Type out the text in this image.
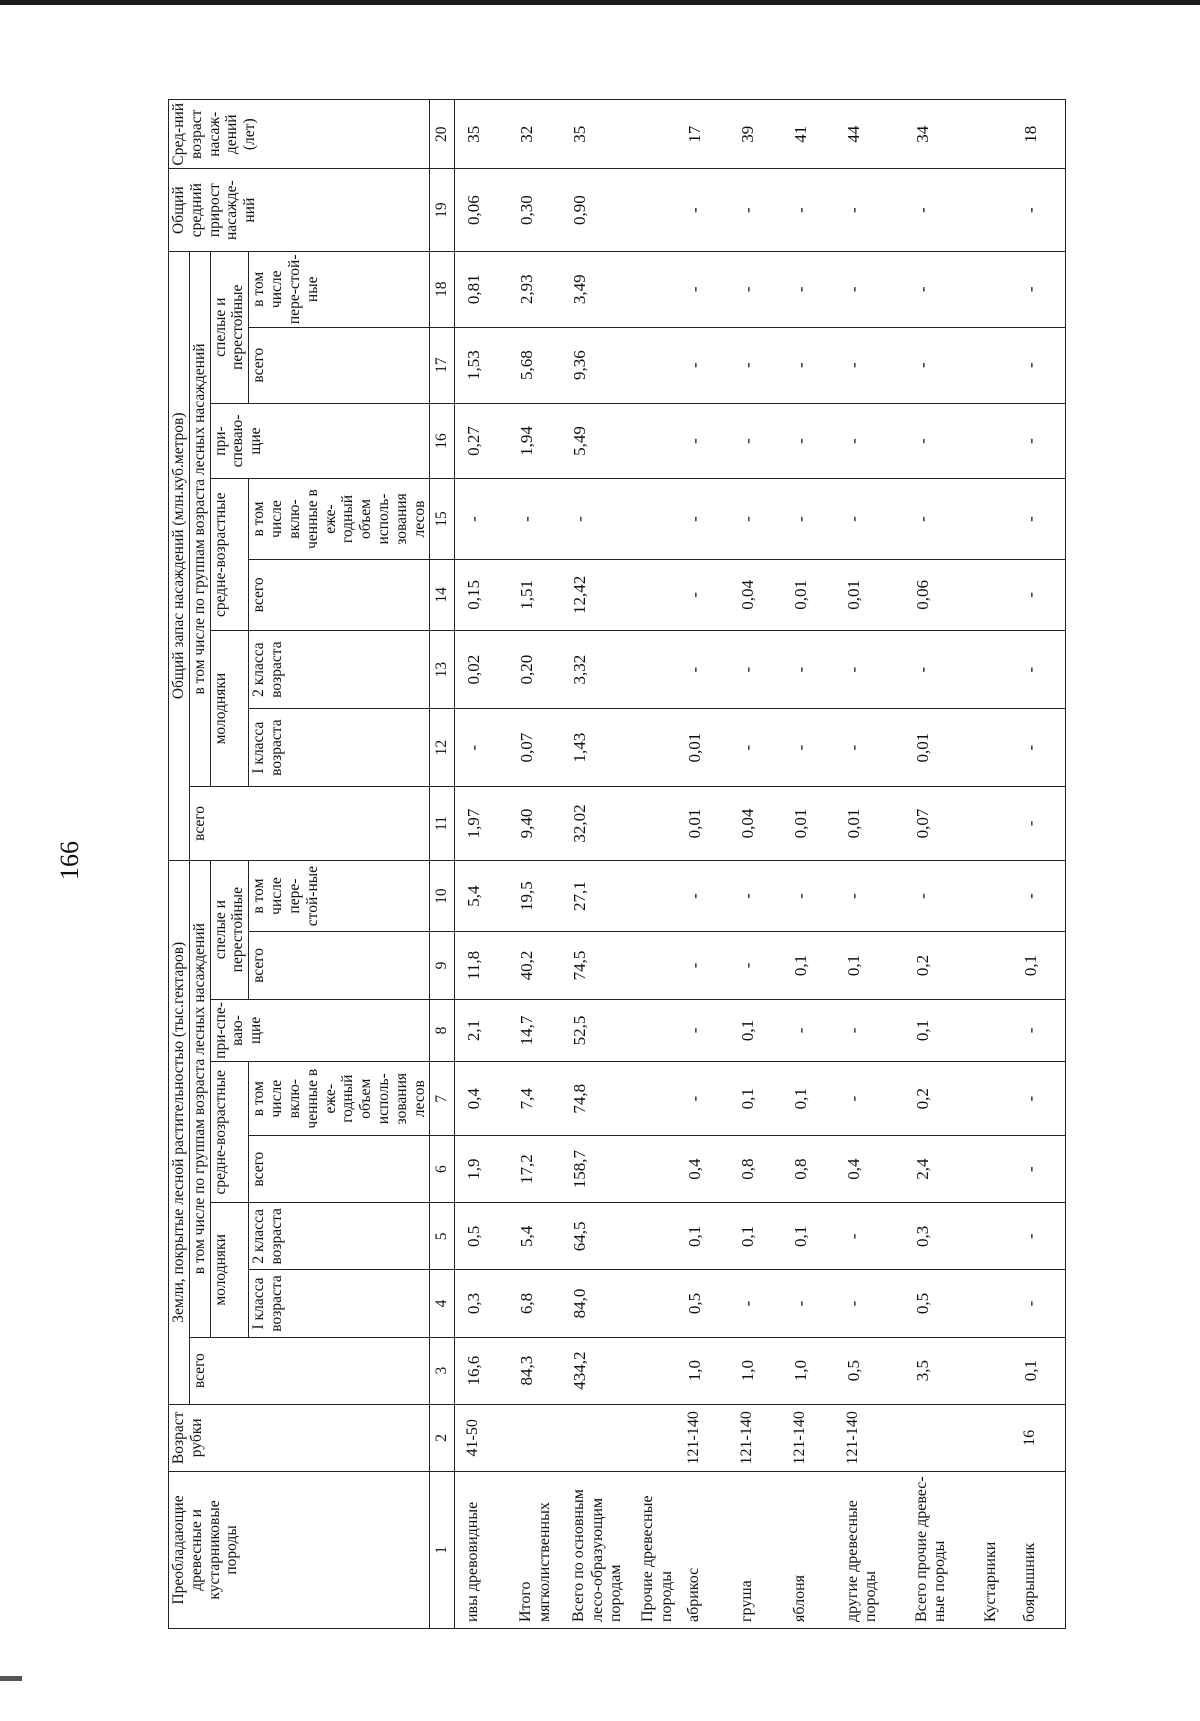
166
Преобладающие древесные и кустарниковые породы	Возраст рубки	Земли, покрытые лесной растительностью (тыс.гектаров)								Общий запас насаждений (млн.куб.метров)								Общий средний прирост насажде-ний	Сред-ний возраст насаж-дений (лет)
		всего	в том числе по группам возраста лесных насаждений							всего	в том числе по группам возраста лесных насаждений								
			молодняки		средне-возрастные		при-спе-ваю-щие	спелые и перестойные			молодняки		средне-возрастные		при-спеваю-щие	спелые и перестойные			
			I класса возраста	2 класса возраста	всего	в том числе вклю-ченные в еже-годный объем исполь-зования лесов		всего	в том числе пере-стой-ные		I класса возраста	2 класса возраста	всего	в том числе вклю-ченные в еже-годный объем исполь-зования лесов		всего	в том числе пере-стой-ные		

1	2	3	4	5	6	7	8	9	10	11	12	13	14	15	16	17	18	19	20
ивы древовидные	41-50	16,6	0,3	0,5	1,9	0,4	2,1	11,8	5,4	1,97	-	0,02	0,15	-	0,27	1,53	0,81	0,06	35
Итого мягколиственных		84,3	6,8	5,4	17,2	7,4	14,7	40,2	19,5	9,40	0,07	0,20	1,51	-	1,94	5,68	2,93	0,30	32
Всего по основным лесо-образующим породам		434,2	84,0	64,5	158,7	74,8	52,5	74,5	27,1	32,02	1,43	3,32	12,42	-	5,49	9,36	3,49	0,90	35
Прочие древесные породы																			
абрикос	121-140	1,0	0,5	0,1	0,4	-	-	-	-	0,01	0,01	-	-	-	-	-	-	-	17
груша	121-140	1,0	-	0,1	0,8	0,1	0,1	-	-	0,04	-	-	0,04	-	-	-	-	-	39
яблоня	121-140	1,0	-	0,1	0,8	0,1	-	0,1	-	0,01	-	-	0,01	-	-	-	-	-	41
другие древесные породы	121-140	0,5	-	-	0,4	-	-	0,1	-	0,01	-	-	0,01	-	-	-	-	-	44
Всего прочие древес-ные породы		3,5	0,5	0,3	2,4	0,2	0,1	0,2	-	0,07	0,01	-	0,06	-	-	-	-	-	34
Кустарники																			
боярышник	16	0,1	-	-	-	-	-	0,1	-	-	-	-	-	-	-	-	-	-	18
